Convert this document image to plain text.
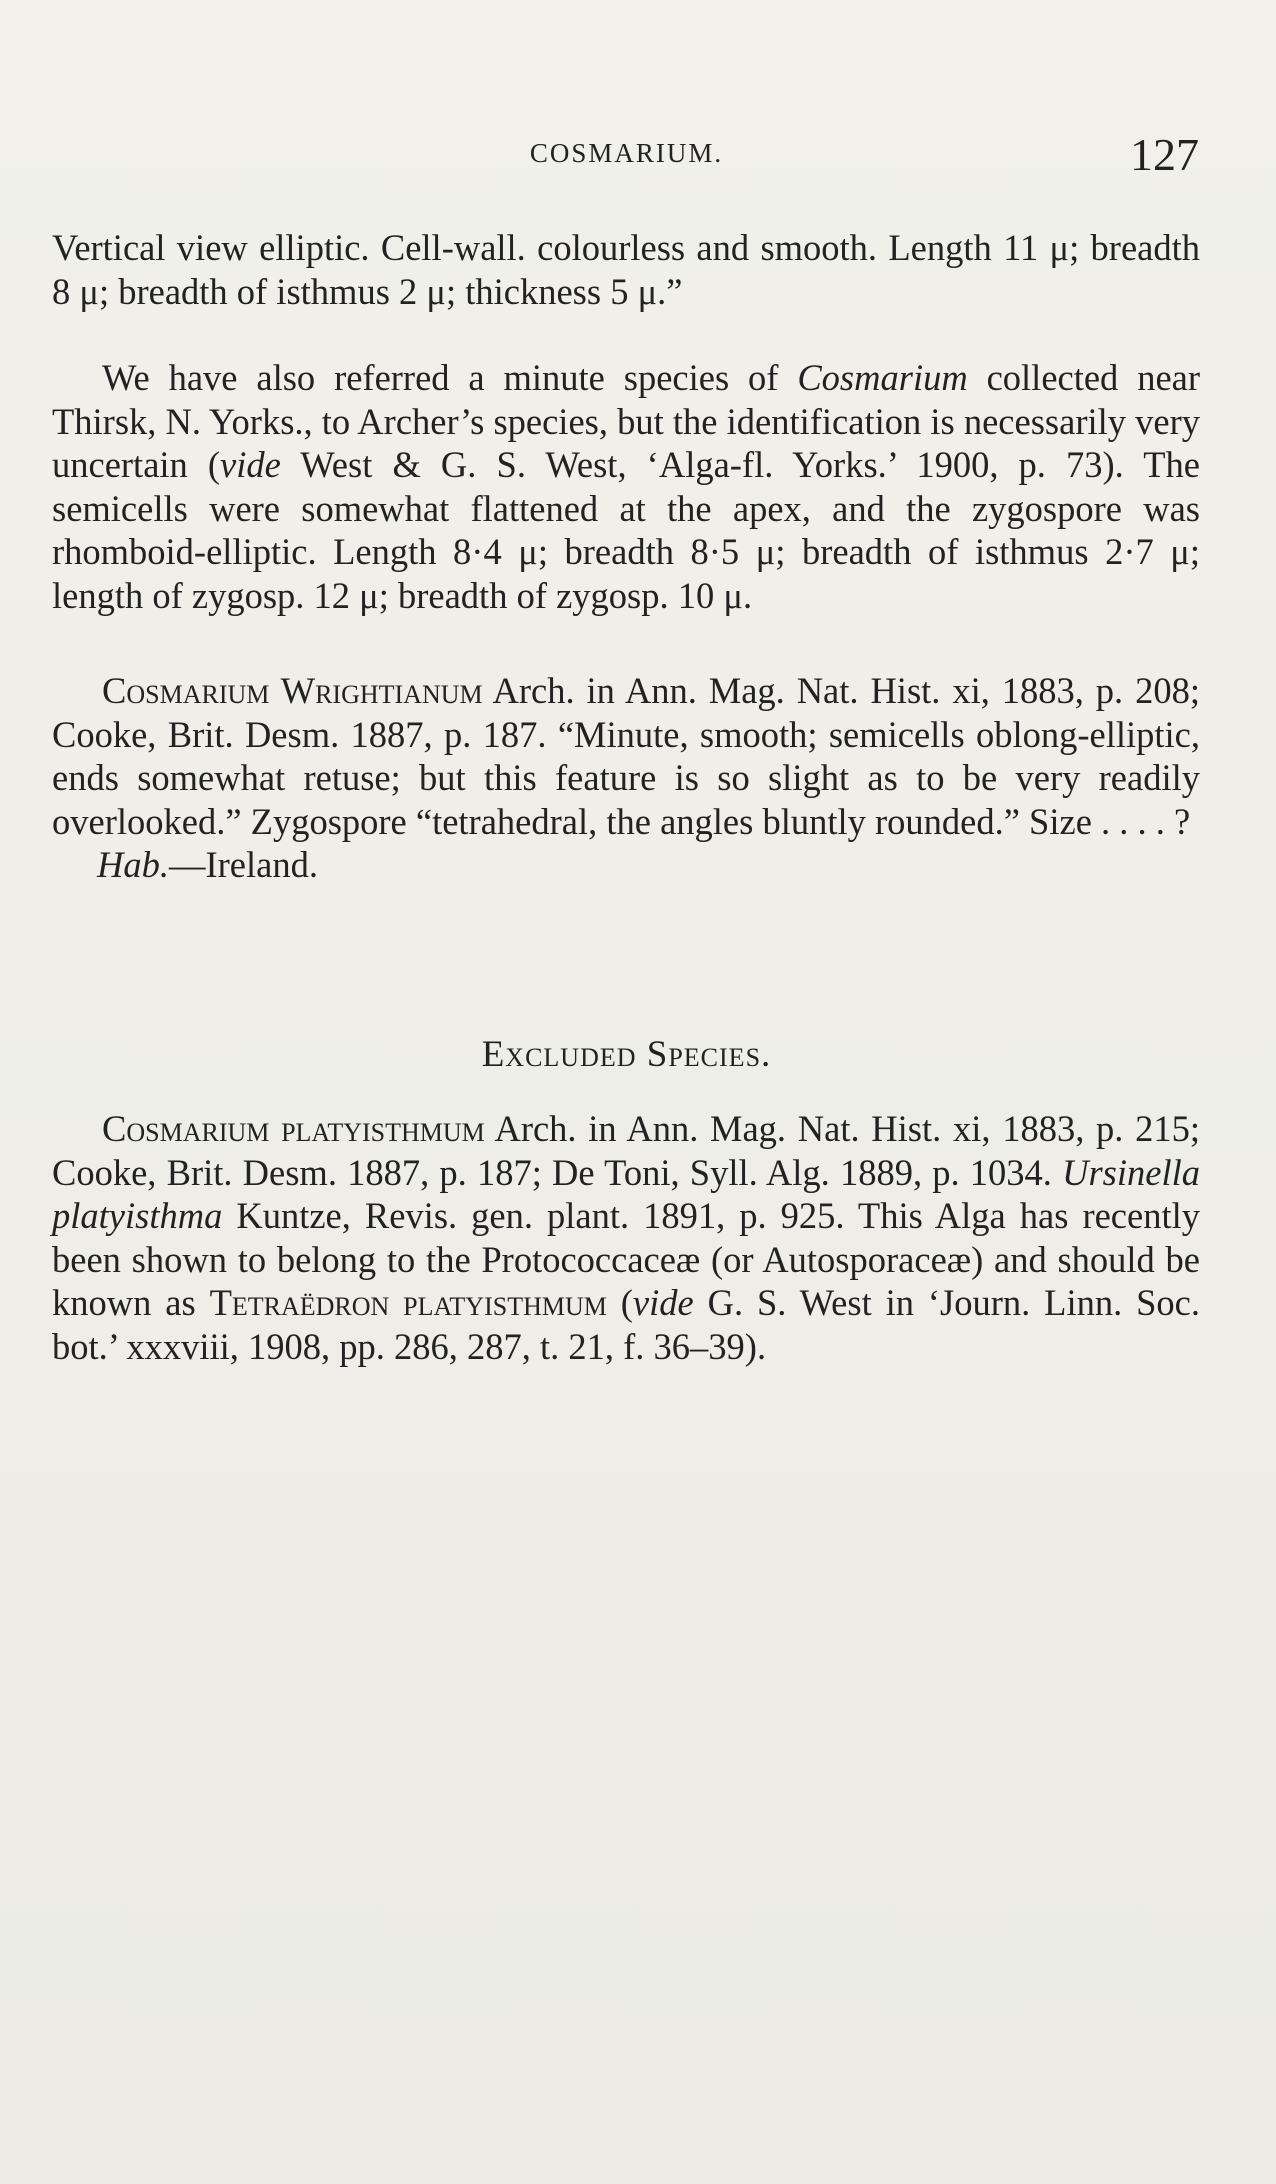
COSMARIUM.	127

Vertical view elliptic. Cell-wall. colourless and smooth. Length 11 μ; breadth 8 μ; breadth of isthmus 2 μ; thickness 5 μ.”

We have also referred a minute species of Cosmarium collected near Thirsk, N. Yorks., to Archer’s species, but the identification is necessarily very uncertain (vide West & G. S. West, ‘Alga-fl. Yorks.’ 1900, p. 73). The semicells were somewhat flattened at the apex, and the zygospore was rhomboid-elliptic. Length 8·4 μ; breadth 8·5 μ; breadth of isthmus 2·7 μ; length of zygosp. 12 μ; breadth of zygosp. 10 μ.

Cosmarium Wrightianum Arch. in Ann. Mag. Nat. Hist. xi, 1883, p. 208; Cooke, Brit. Desm. 1887, p. 187. “Minute, smooth; semicells oblong-elliptic, ends somewhat retuse; but this feature is so slight as to be very readily overlooked.” Zygospore “tetrahedral, the angles bluntly rounded.” Size . . . . ?

Hab.—Ireland.

Excluded Species.

Cosmarium platyisthmum Arch. in Ann. Mag. Nat. Hist. xi, 1883, p. 215; Cooke, Brit. Desm. 1887, p. 187; De Toni, Syll. Alg. 1889, p. 1034. Ursinella platyisthma Kuntze, Revis. gen. plant. 1891, p. 925. This Alga has recently been shown to belong to the Protococcaceæ (or Autosporaceæ) and should be known as Tetraëdron platyisthmum (vide G. S. West in ‘Journ. Linn. Soc. bot.’ xxxviii, 1908, pp. 286, 287, t. 21, f. 36–39).
